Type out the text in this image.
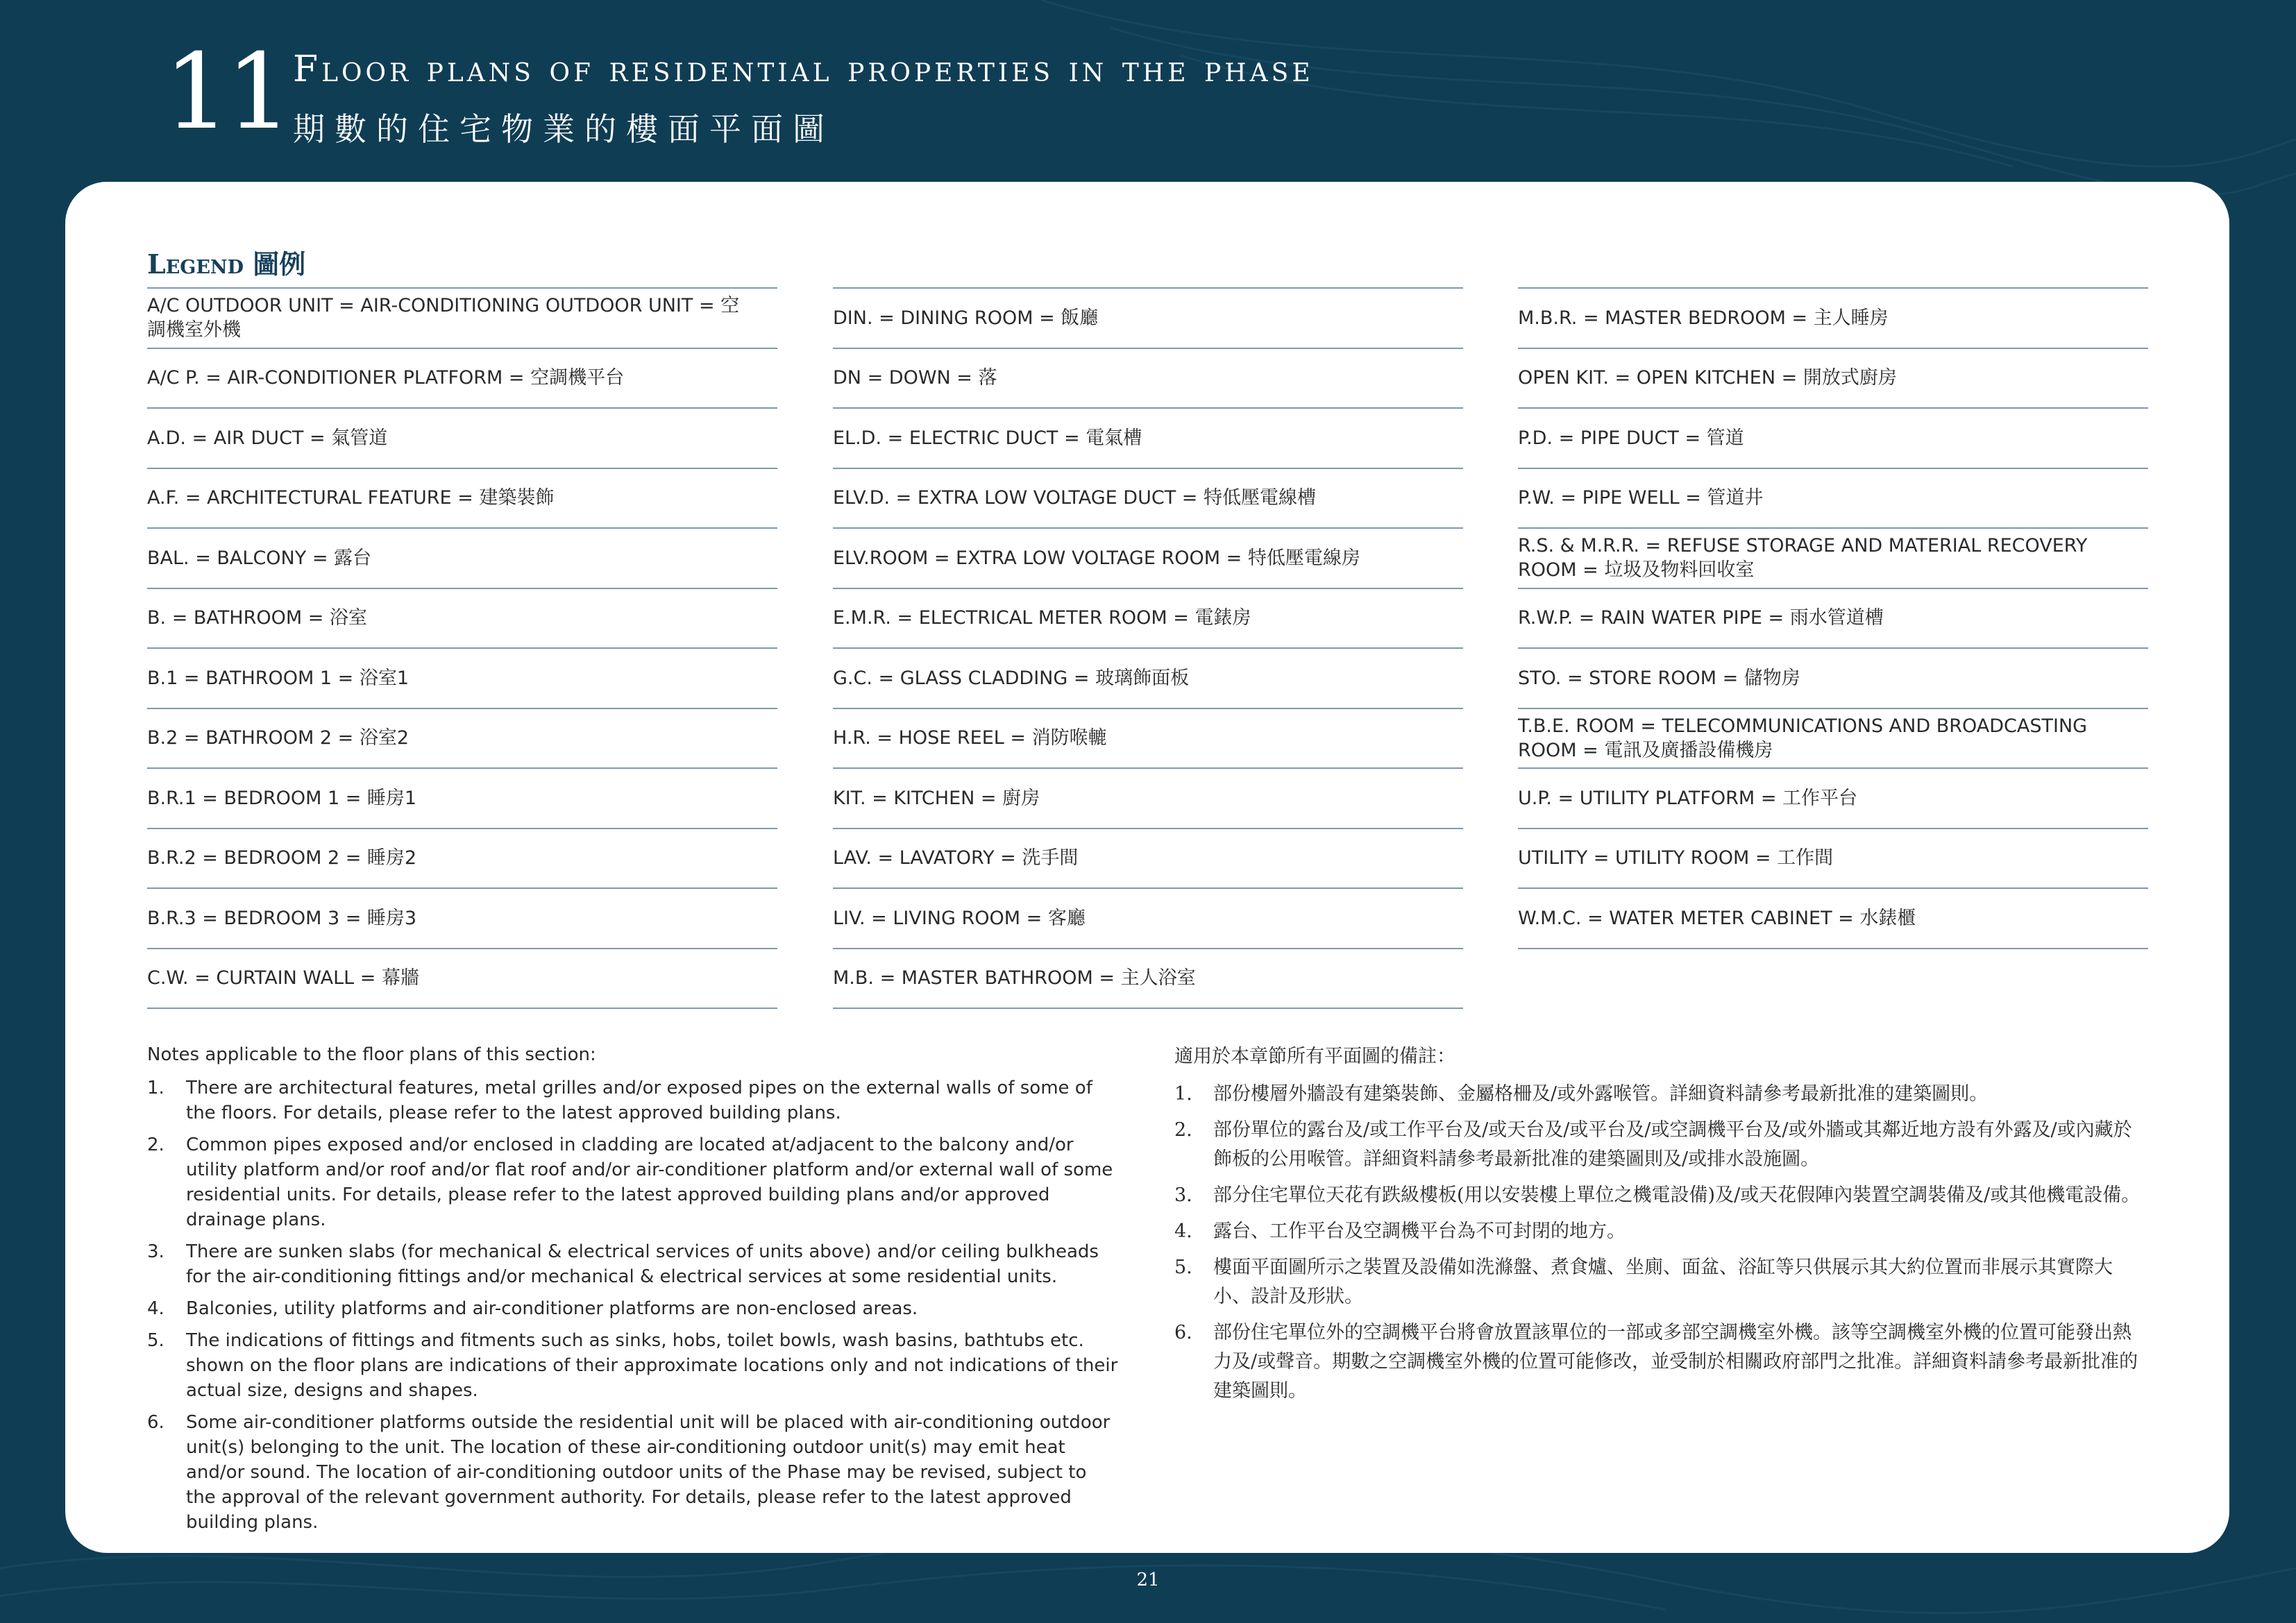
11 Floor plans of residential properties in the phase
期數的住宅物業的樓面平面圖
Legend 圖例
A/C OUTDOOR UNIT = AIR-CONDITIONING OUTDOOR UNIT = 空調機室外機
A/C P. = AIR-CONDITIONER PLATFORM = 空調機平台
A.D. = AIR DUCT = 氣管道
A.F. = ARCHITECTURAL FEATURE = 建築裝飾
BAL. = BALCONY = 露台
B. = BATHROOM = 浴室
B.1 = BATHROOM 1 = 浴室1
B.2 = BATHROOM 2 = 浴室2
B.R.1 = BEDROOM 1 = 睡房1
B.R.2 = BEDROOM 2 = 睡房2
B.R.3 = BEDROOM 3 = 睡房3
C.W. = CURTAIN WALL = 幕牆
DIN. = DINING ROOM = 飯廳
DN = DOWN = 落
EL.D. = ELECTRIC DUCT = 電氣槽
ELV.D. = EXTRA LOW VOLTAGE DUCT = 特低壓電線槽
ELV.ROOM = EXTRA LOW VOLTAGE ROOM = 特低壓電線房
E.M.R. = ELECTRICAL METER ROOM = 電錶房
G.C. = GLASS CLADDING = 玻璃飾面板
H.R. = HOSE REEL = 消防喉轆
KIT. = KITCHEN = 廚房
LAV. = LAVATORY = 洗手間
LIV. = LIVING ROOM = 客廳
M.B. = MASTER BATHROOM = 主人浴室
M.B.R. = MASTER BEDROOM = 主人睡房
OPEN KIT. = OPEN KITCHEN = 開放式廚房
P.D. = PIPE DUCT = 管道
P.W. = PIPE WELL = 管道井
R.S. & M.R.R. = REFUSE STORAGE AND MATERIAL RECOVERY ROOM = 垃圾及物料回收室
R.W.P. = RAIN WATER PIPE = 雨水管道槽
STO. = STORE ROOM = 儲物房
T.B.E. ROOM = TELECOMMUNICATIONS AND BROADCASTING ROOM = 電訊及廣播設備機房
U.P. = UTILITY PLATFORM = 工作平台
UTILITY = UTILITY ROOM = 工作間
W.M.C. = WATER METER CABINET = 水錶櫃
Notes applicable to the floor plans of this section:
1.	There are architectural features, metal grilles and/or exposed pipes on the external walls of some of the floors. For details, please refer to the latest approved building plans.
2.	Common pipes exposed and/or enclosed in cladding are located at/adjacent to the balcony and/or utility platform and/or roof and/or flat roof and/or air-conditioner platform and/or external wall of some residential units. For details, please refer to the latest approved building plans and/or approved drainage plans.
3.	There are sunken slabs (for mechanical & electrical services of units above) and/or ceiling bulkheads for the air-conditioning fittings and/or mechanical & electrical services at some residential units.
4.	Balconies, utility platforms and air-conditioner platforms are non-enclosed areas.
5.	The indications of fittings and fitments such as sinks, hobs, toilet bowls, wash basins, bathtubs etc. shown on the floor plans are indications of their approximate locations only and not indications of their actual size, designs and shapes.
6.	Some air-conditioner platforms outside the residential unit will be placed with air-conditioning outdoor unit(s) belonging to the unit. The location of these air-conditioning outdoor unit(s) may emit heat and/or sound. The location of air-conditioning outdoor units of the Phase may be revised, subject to the approval of the relevant government authority. For details, please refer to the latest approved building plans.
適用於本章節所有平面圖的備註：
1.	部份樓層外牆設有建築裝飾、金屬格柵及/或外露喉管。詳細資料請參考最新批准的建築圖則。
2.	部份單位的露台及/或工作平台及/或天台及/或平台及/或空調機平台及/或外牆或其鄰近地方設有外露及/或內藏於飾板的公用喉管。詳細資料請參考最新批准的建築圖則及/或排水設施圖。
3.	部分住宅單位天花有跌級樓板(用以安裝樓上單位之機電設備)及/或天花假陣內裝置空調裝備及/或其他機電設備。
4.	露台、工作平台及空調機平台為不可封閉的地方。
5.	樓面平面圖所示之裝置及設備如洗滌盤、煮食爐、坐廁、面盆、浴缸等只供展示其大約位置而非展示其實際大小、設計及形狀。
6.	部份住宅單位外的空調機平台將會放置該單位的一部或多部空調機室外機。該等空調機室外機的位置可能發出熱力及/或聲音。期數之空調機室外機的位置可能修改，並受制於相關政府部門之批准。詳細資料請參考最新批准的建築圖則。
21
